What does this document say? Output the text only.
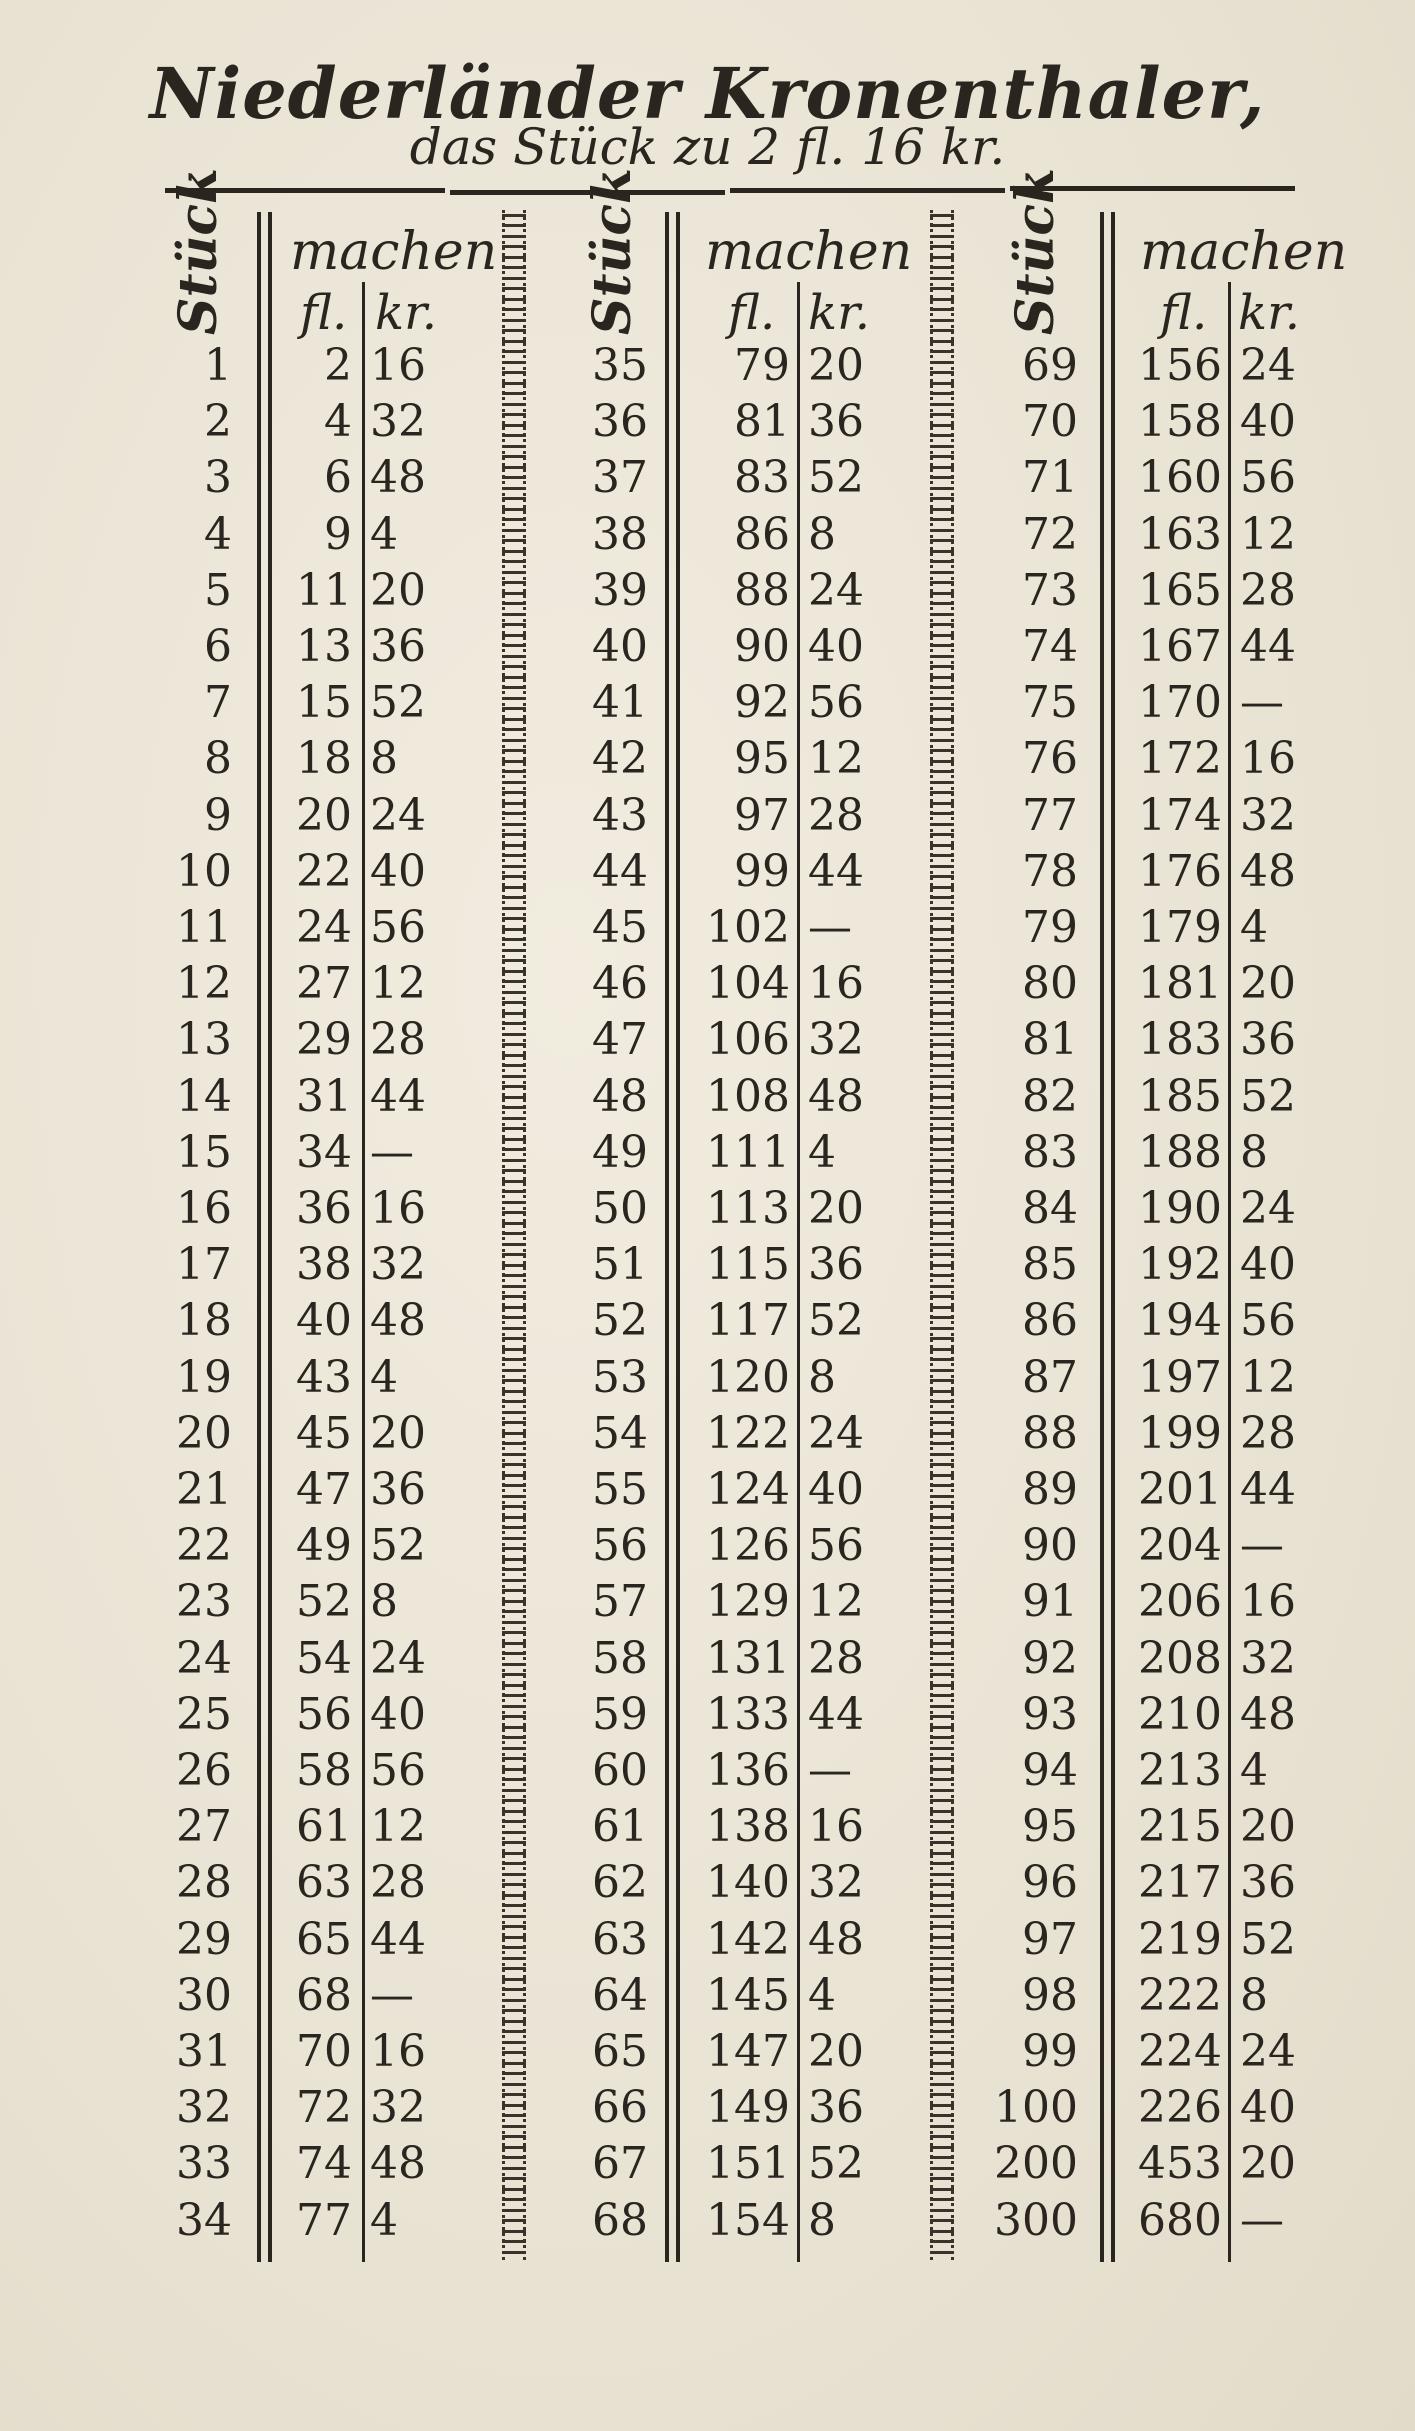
Niederländer Kronenthaler,
das Stück zu 2 fl. 16 kr.
Stück machen
fl. kr.	Stück machen
fl. kr.	Stück machen
fl. kr.
1	2 16
2	4 32
3	6 48
4	9 4
5	11 20
6	13 36
7	15 52
8	18 8
9	20 24
10	22 40
11	24 56
12	27 12
13	29 28
14	31 44
15	34 —
16	36 16
17	38 32
18	40 48
19	43 4
20	45 20
21	47 36
22	49 52
23	52 8
24	54 24
25	56 40
26	58 56
27	61 12
28	63 28
29	65 44
30	68 —
31	70 16
32	72 32
33	74 48
34	77 4
35	79 20
36	81 36
37	83 52
38	86 8
39	88 24
40	90 40
41	92 56
42	95 12
43	97 28
44	99 44
45	102 —
46	104 16
47	106 32
48	108 48
49	111 4
50	113 20
51	115 36
52	117 52
53	120 8
54	122 24
55	124 40
56	126 56
57	129 12
58	131 28
59	133 44
60	136 —
61	138 16
62	140 32
63	142 48
64	145 4
65	147 20
66	149 36
67	151 52
68	154 8
69	156 24
70	158 40
71	160 56
72	163 12
73	165 28
74	167 44
75	170 —
76	172 16
77	174 32
78	176 48
79	179 4
80	181 20
81	183 36
82	185 52
83	188 8
84	190 24
85	192 40
86	194 56
87	197 12
88	199 28
89	201 44
90	204 —
91	206 16
92	208 32
93	210 48
94	213 4
95	215 20
96	217 36
97	219 52
98	222 8
99	224 24
100	226 40
200	453 20
300	680 —
